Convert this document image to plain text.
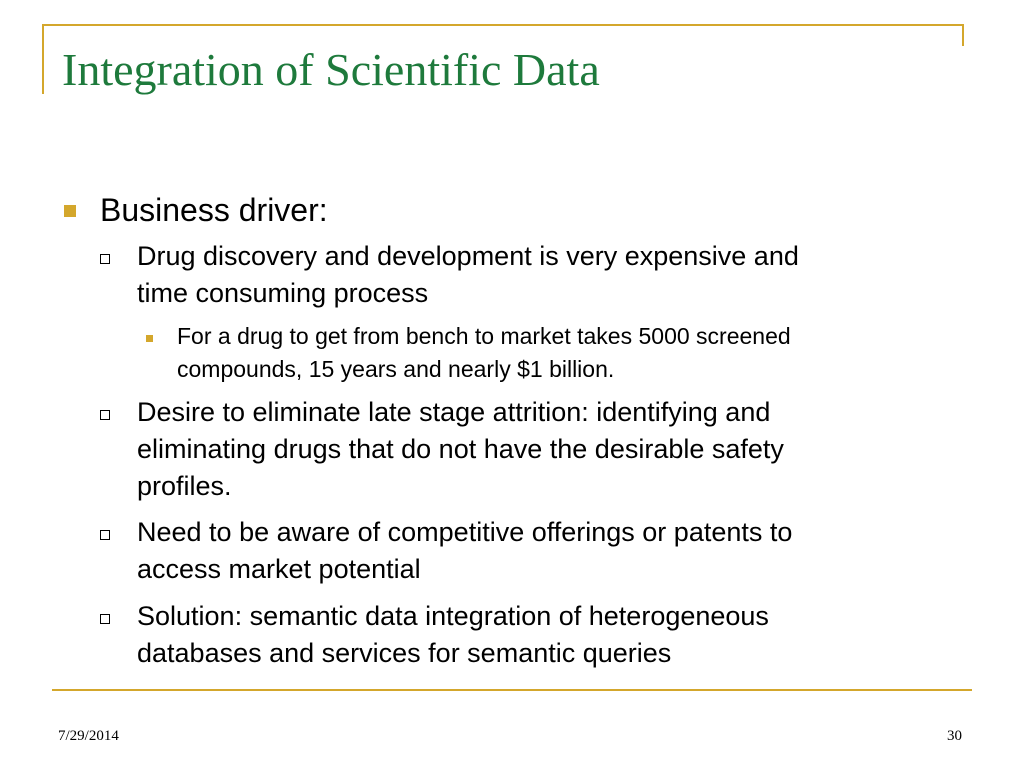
Integration of Scientific Data
Business driver:
Drug discovery and development is very expensive and
time consuming process
For a drug to get from bench to market takes 5000 screened
compounds, 15 years and nearly $1 billion.
Desire to eliminate late stage attrition: identifying and
eliminating drugs that do not have the desirable safety
profiles.
Need to be aware of competitive offerings or patents to
access market potential
Solution: semantic data integration of heterogeneous
databases and services for semantic queries
7/29/2014	30
